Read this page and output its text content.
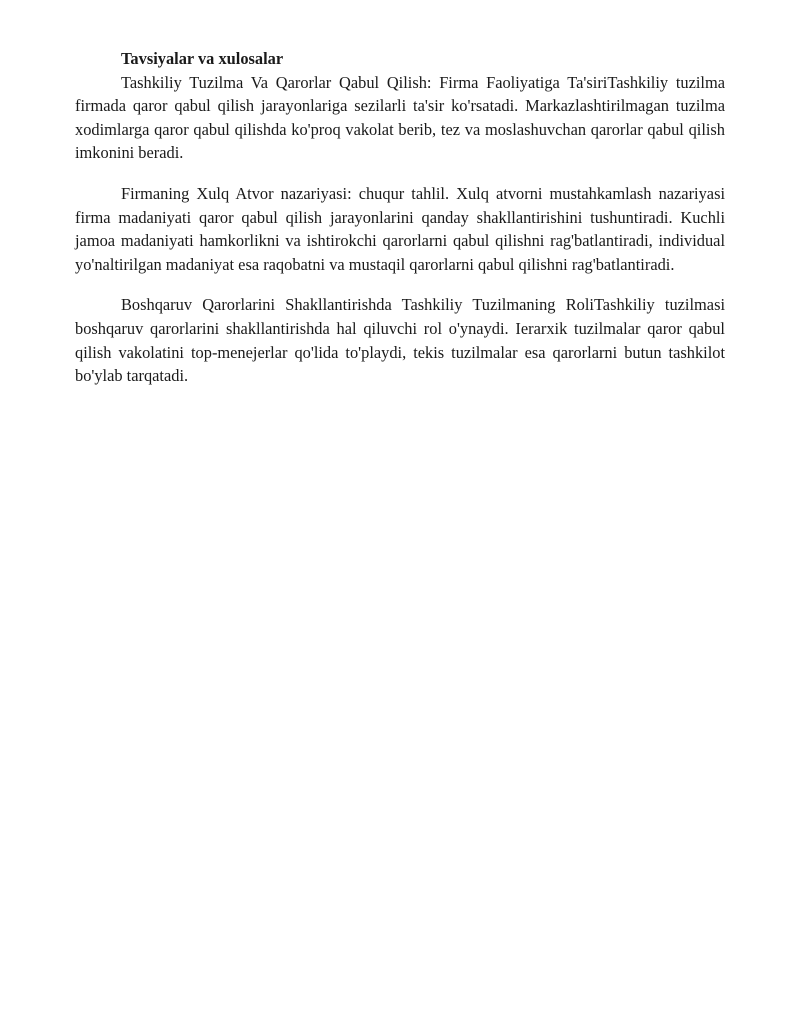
Tavsiyalar va xulosalar

Tashkiliy Tuzilma Va Qarorlar Qabul Qilish: Firma Faoliyatiga Ta'siriTashkiliy tuzilma firmada qaror qabul qilish jarayonlariga sezilarli ta'sir ko'rsatadi. Markazlashtirilmagan tuzilma xodimlarga qaror qabul qilishda ko'proq vakolat berib, tez va moslashuvchan qarorlar qabul qilish imkonini beradi.

Firmaning Xulq Atvor nazariyasi: chuqur tahlil. Xulq atvorni mustahkamlash nazariyasi firma madaniyati qaror qabul qilish jarayonlarini qanday shakllantirishini tushuntiradi. Kuchli jamoa madaniyati hamkorlikni va ishtirokchi qarorlarni qabul qilishni rag'batlantiradi, individual yo'naltirilgan madaniyat esa raqobatni va mustaqil qarorlarni qabul qilishni rag'batlantiradi.

Boshqaruv Qarorlarini Shakllantirishda Tashkiliy Tuzilmaning RoliTashkiliy tuzilmasi boshqaruv qarorlarini shakllantirishda hal qiluvchi rol o'ynaydi. Ierarxik tuzilmalar qaror qabul qilish vakolatini top-menejerlar qo'lida to'playdi, tekis tuzilmalar esa qarorlarni butun tashkilot bo'ylab tarqatadi.
